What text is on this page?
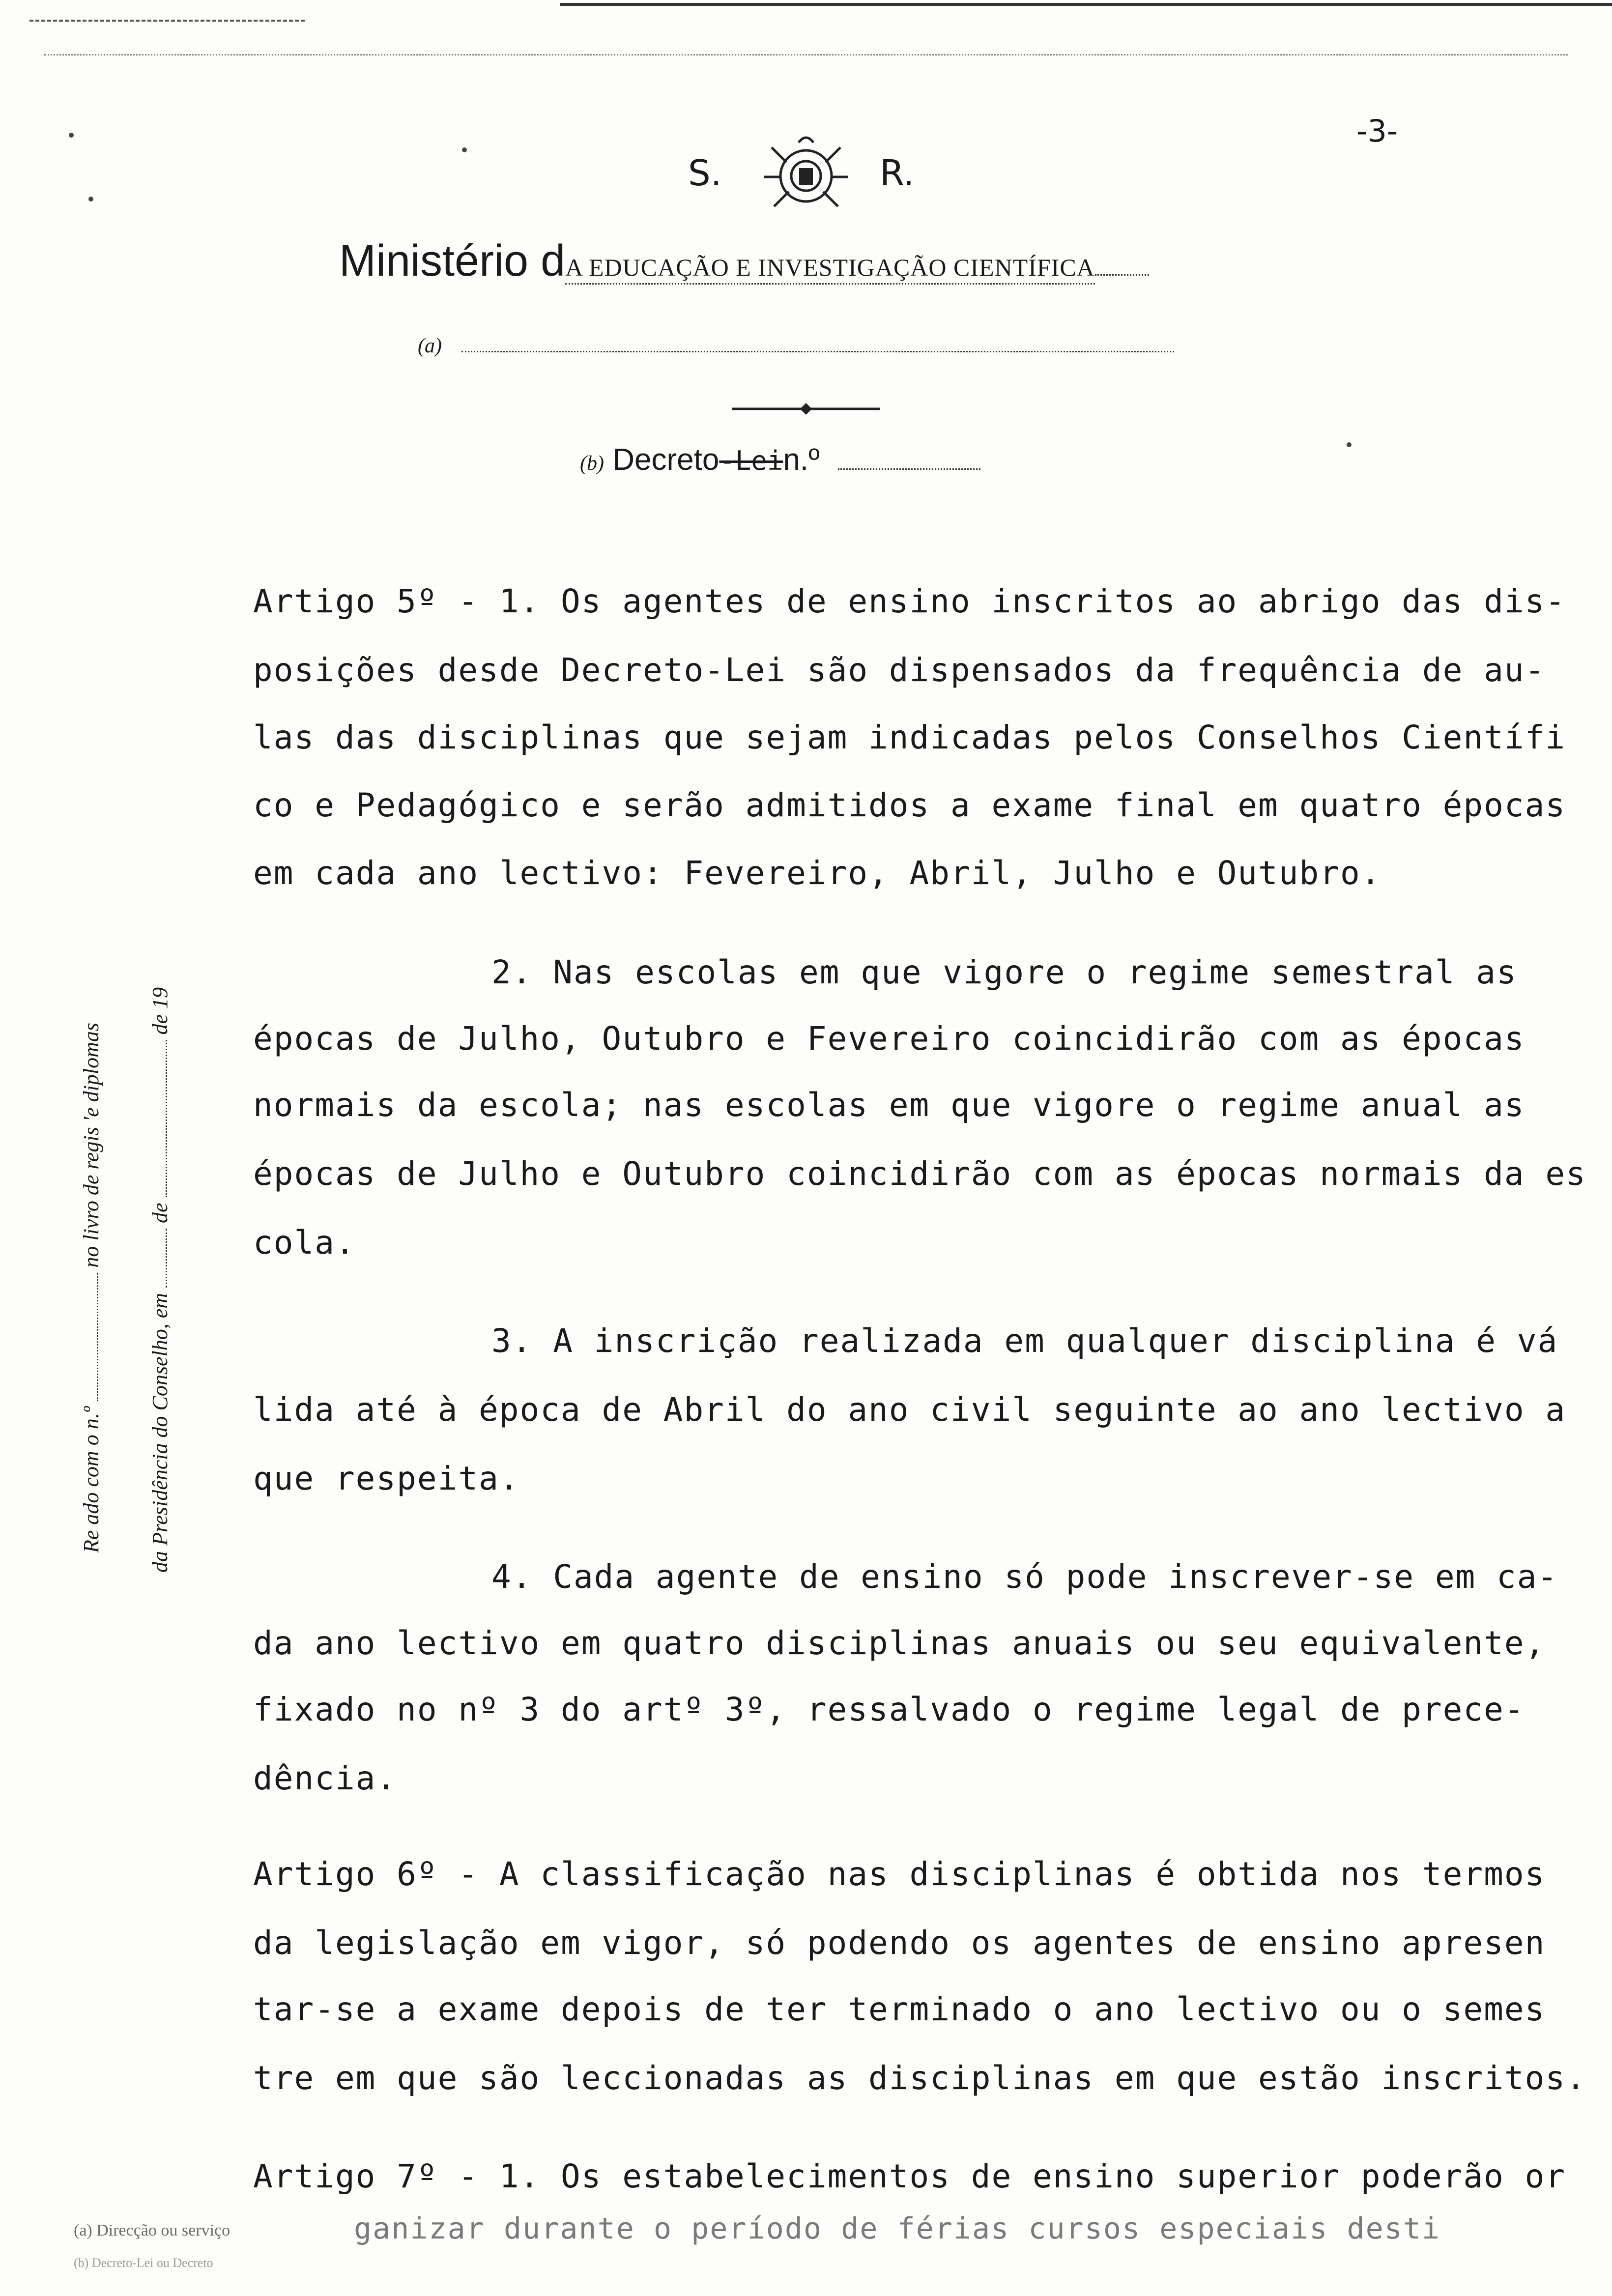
-3-
S.	R.
Ministério dA EDUCAÇÃO E INVESTIGAÇÃO CIENTÍFICA
(a)
(b) Decreto-Lein.º
Re ado com o n.º  no livro de regis 'e diplomas
da Presidência do Conselho, em  de  de 19
Artigo 5º - 1. Os agentes de ensino inscritos ao abrigo das dis-
posições desde Decreto-Lei são dispensados da frequência de au-
las das disciplinas que sejam indicadas pelos Conselhos Científi
co e Pedagógico e serão admitidos a exame final em quatro épocas
em cada ano lectivo: Fevereiro, Abril, Julho e Outubro.
2. Nas escolas em que vigore o regime semestral as
épocas de Julho, Outubro e Fevereiro coincidirão com as épocas
normais da escola; nas escolas em que vigore o regime anual as
épocas de Julho e Outubro coincidirão com as épocas normais da es
cola.
3. A inscrição realizada em qualquer disciplina é vá
lida até à época de Abril do ano civil seguinte ao ano lectivo a
que respeita.
4. Cada agente de ensino só pode inscrever-se em ca-
da ano lectivo em quatro disciplinas anuais ou seu equivalente,
fixado no nº 3 do artº 3º, ressalvado o regime legal de prece-
dência.
Artigo 6º - A classificação nas disciplinas é obtida nos termos
da legislação em vigor, só podendo os agentes de ensino apresen
tar-se a exame depois de ter terminado o ano lectivo ou o semes
tre em que são leccionadas as disciplinas em que estão inscritos.
Artigo 7º - 1. Os estabelecimentos de ensino superior poderão or
ganizar durante o período de férias cursos especiais desti
(a) Direcção ou serviço
(b) Decreto-Lei ou Decreto
